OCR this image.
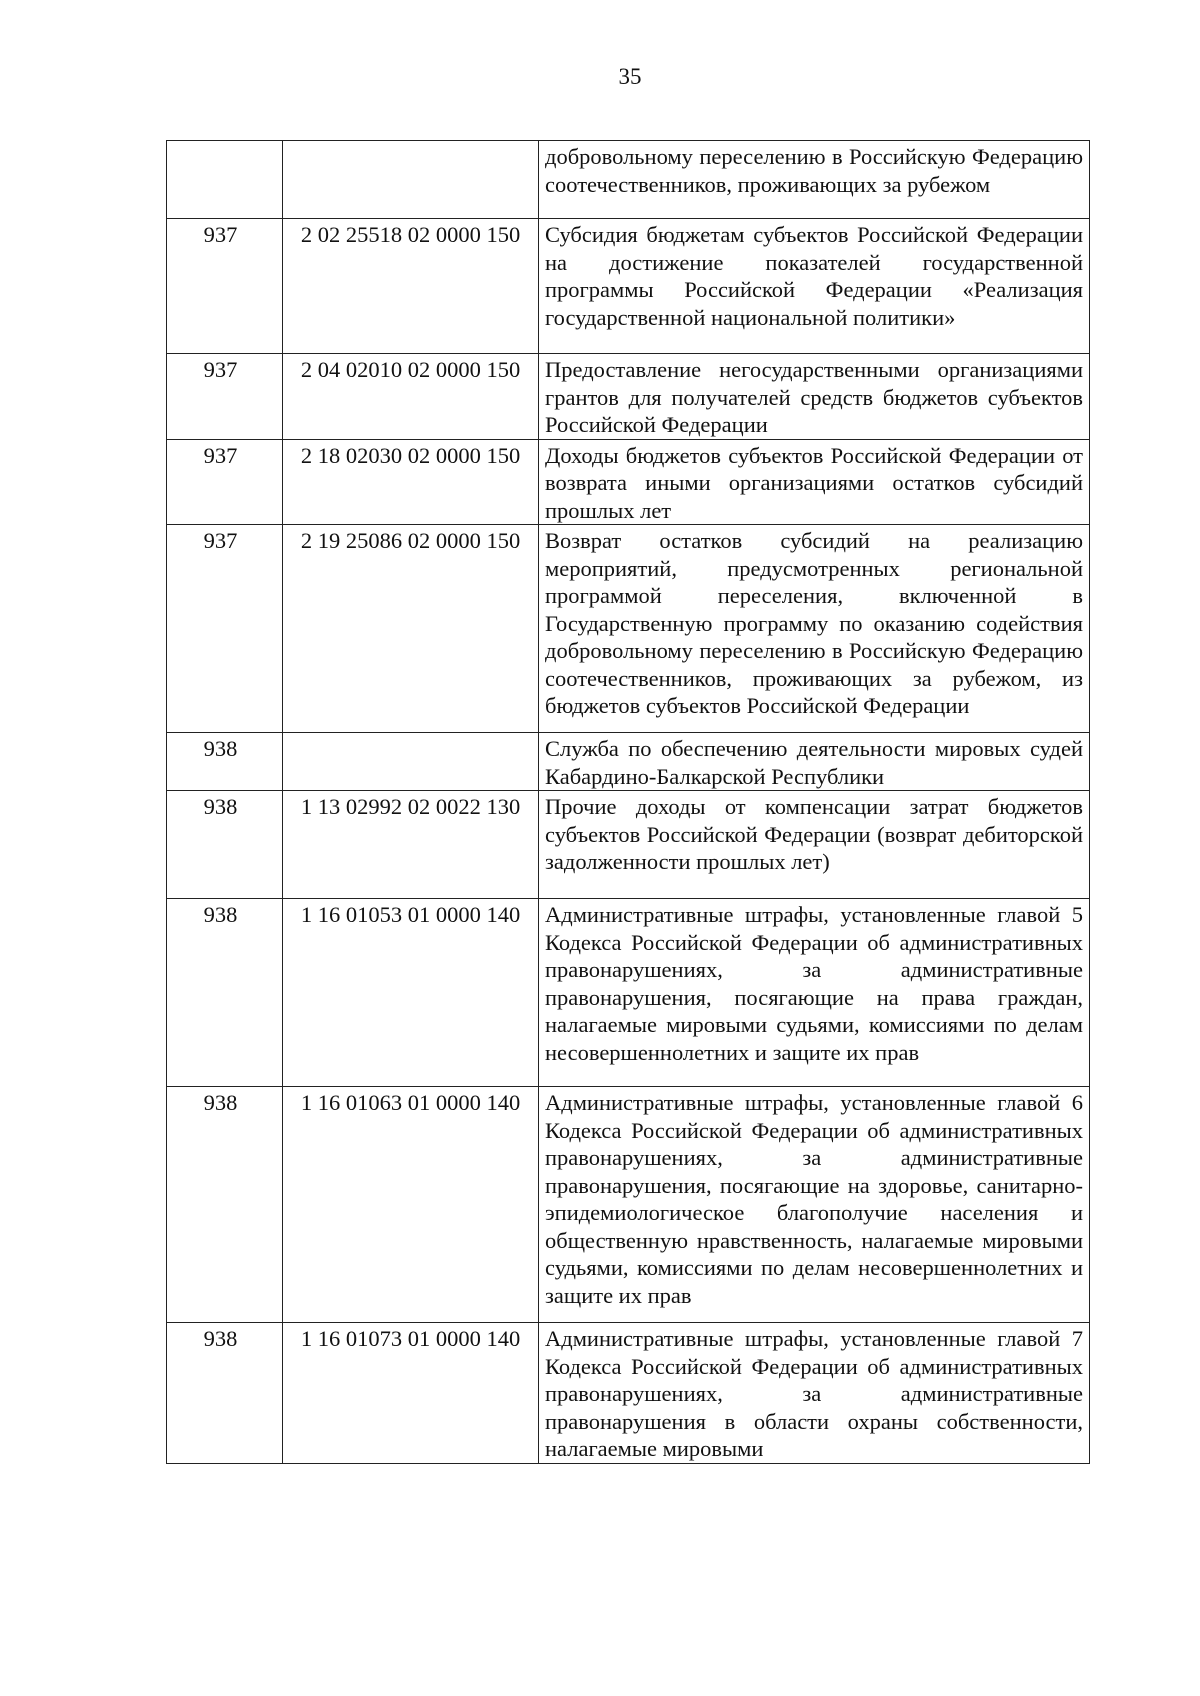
35

		добровольному переселению в Российскую Федерацию соотечественников, проживающих за рубежом

937	2 02 25518 02 0000 150	Субсидия бюджетам субъектов Российской Федерации на достижение показателей государственной программы Российской Федерации «Реализация государственной национальной политики»

937	2 04 02010 02 0000 150	Предоставление негосударственными организациями грантов для получателей средств бюджетов субъектов Российской Федерации

937	2 18 02030 02 0000 150	Доходы бюджетов субъектов Российской Федерации от возврата иными организациями остатков субсидий прошлых лет

937	2 19 25086 02 0000 150	Возврат остатков субсидий на реализацию мероприятий, предусмотренных региональной программой переселения, включенной в Государственную программу по оказанию содействия добровольному переселению в Российскую Федерацию соотечественников, проживающих за рубежом, из бюджетов субъектов Российской Федерации

938		Служба по обеспечению деятельности мировых судей Кабардино-Балкарской Республики

938	1 13 02992 02 0022 130	Прочие доходы от компенсации затрат бюджетов субъектов Российской Федерации (возврат дебиторской задолженности прошлых лет)

938	1 16 01053 01 0000 140	Административные штрафы, установленные главой 5 Кодекса Российской Федерации об административных правонарушениях, за административные правонарушения, посягающие на права граждан, налагаемые мировыми судьями, комиссиями по делам несовершеннолетних и защите их прав

938	1 16 01063 01 0000 140	Административные штрафы, установленные главой 6 Кодекса Российской Федерации об административных правонарушениях, за административные правонарушения, посягающие на здоровье, санитарно-эпидемиологическое благополучие населения и общественную нравственность, налагаемые мировыми судьями, комиссиями по делам несовершеннолетних и защите их прав

938	1 16 01073 01 0000 140	Административные штрафы, установленные главой 7 Кодекса Российской Федерации об административных правонарушениях, за административные правонарушения в области охраны собственности, налагаемые мировыми
